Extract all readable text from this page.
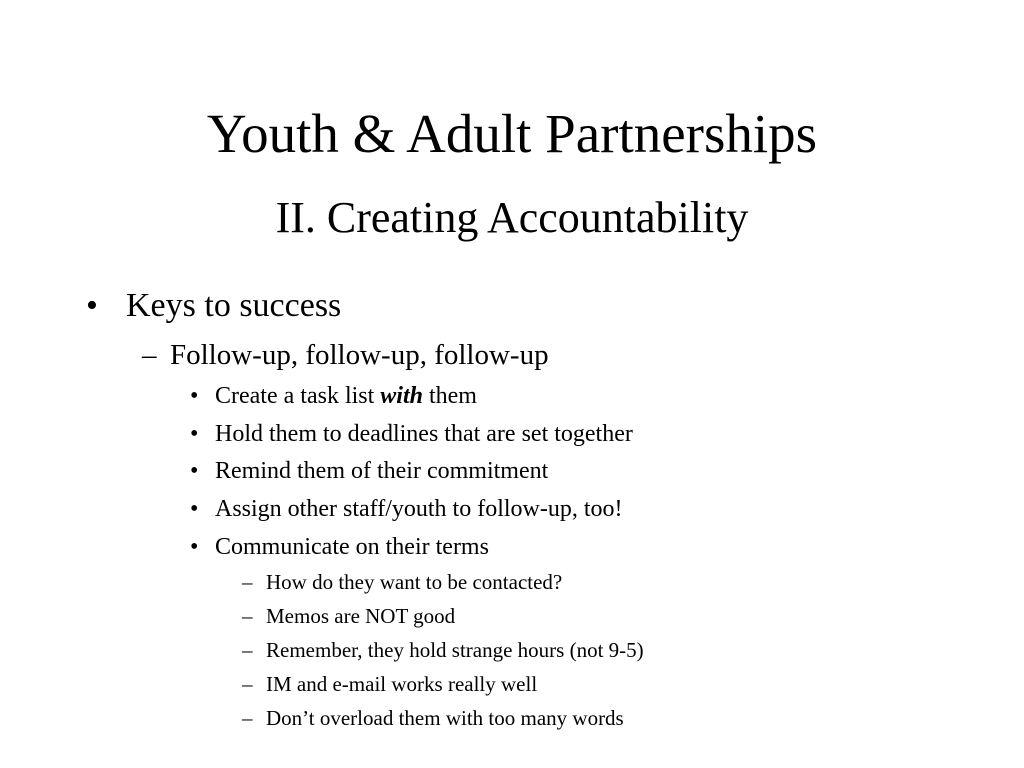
Youth & Adult Partnerships
II. Creating Accountability
• Keys to success
– Follow-up, follow-up, follow-up
• Create a task list with them
• Hold them to deadlines that are set together
• Remind them of their commitment
• Assign other staff/youth to follow-up, too!
• Communicate on their terms
– How do they want to be contacted?
– Memos are NOT good
– Remember, they hold strange hours (not 9-5)
– IM and e-mail works really well
– Don’t overload them with too many words
